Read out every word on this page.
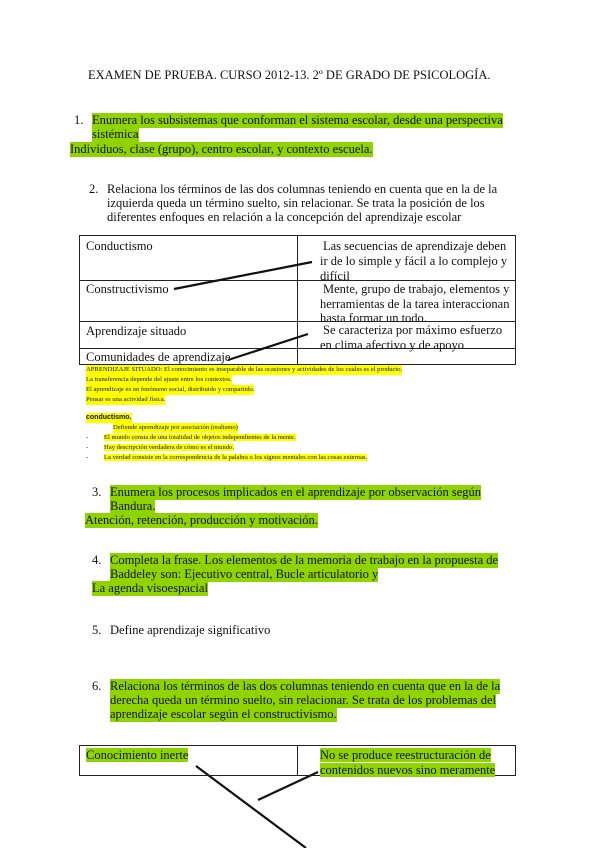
EXAMEN DE PRUEBA. CURSO 2012-13. 2º DE GRADO DE PSICOLOGÍA.
1. Enumera los subsistemas que conforman el sistema escolar, desde una perspectiva
sistémica
Individuos, clase (grupo), centro escolar, y contexto escuela.
2. Relaciona los términos de las dos columnas teniendo en cuenta que en la de la
izquierda queda un término suelto, sin relacionar. Se trata la posición de los
diferentes enfoques en relación a la concepción del aprendizaje escolar
Conductismo	Las secuencias de aprendizaje deben
ir de lo simple y fácil a lo complejo y
difícil
Constructivismo	Mente, grupo de trabajo, elementos y
herramientas de la tarea interaccionan
hasta formar un todo.
Aprendizaje situado	Se caracteriza por máximo esfuerzo
en clima afectivo y de apoyo
Comunidades de aprendizaje
APRENDIZAJE SITUADO: El conocimiento es inseparable de las ocasiones y actividades de los cuales es el producto.
La transferencia depende del ajuste entre los contextos.
El aprendizaje es un fenómeno social, distribuido y compartido.
Pensar es una actividad física.
conductismo.
Defiende aprendizaje por asociación (realismo)
- El mundo consta de una totalidad de objetos independientes de la mente.
- Hay descripción verdadera de cómo es el mundo.
- La verdad consiste en la correspondencia de la palabra o los signos mentales con las cosas externas.
3. Enumera los procesos implicados en el aprendizaje por observación según
Bandura.
Atención, retención, producción y motivación.
4. Completa la frase. Los elementos de la memoria de trabajo en la propuesta de
Baddeley son: Ejecutivo central, Bucle articulatorio y
La agenda visoespacial
5. Define aprendizaje significativo
6. Relaciona los términos de las dos columnas teniendo en cuenta que en la de la
derecha queda un término suelto, sin relacionar. Se trata de los problemas del
aprendizaje escolar según el constructivismo.
Conocimiento inerte	No se produce reestructuración de
contenidos nuevos sino meramente
